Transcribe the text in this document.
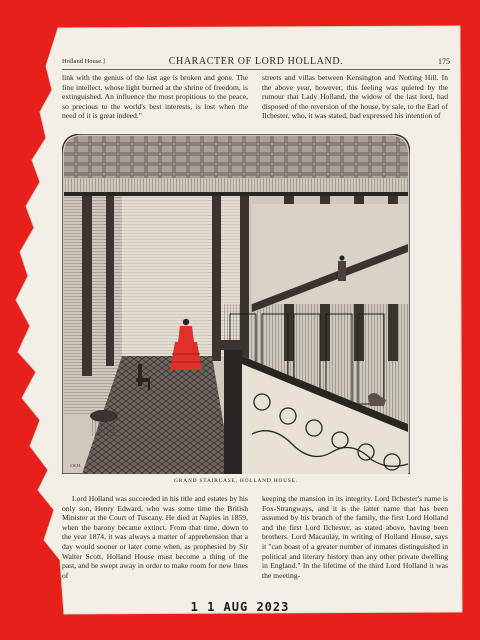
Holland House.]	CHARACTER OF LORD HOLLAND.	175
link with the genius of the last age is broken and gone. The fine intellect, whose light burned at the shrine of freedom, is extinguished. An influence the most propitious to the peace, so precious to the world's best interests, is lost when the need of it is great indeed."
streets and villas between Kensington and Notting Hill. In the above year, however, this feeling was quieted by the rumour that Lady Holland, the widow of the last lord, had disposed of the reversion of the house, by sale, to the Earl of Ilchester, who, it was stated, had expressed his intention of
J.W.H.
GRAND STAIRCASE, HOLLAND HOUSE.
Lord Holland was succeeded in his title and estates by his only son, Henry Edward, who was some time the British Minister at the Court of Tuscany. He died at Naples in 1859, when the barony became extinct. From that time, down to the year 1874, it was always a matter of apprehension that a day would sooner or later come when, as prophesied by Sir Walter Scott, Holland House must become a thing of the past, and be swept away in order to make room for new lines of
keeping the mansion in its integrity. Lord Ilchester's name is Fox-Strangways, and it is the latter name that has been assumed by his branch of the family, the first Lord Holland and the first Lord Ilchester, as stated above, having been brothers. Lord Macaulay, in writing of Holland House, says it "can boast of a greater number of inmates distinguished in political and literary history than any other private dwelling in England." In the lifetime of the third Lord Holland it was the meeting-
1 1 AUG 2023
